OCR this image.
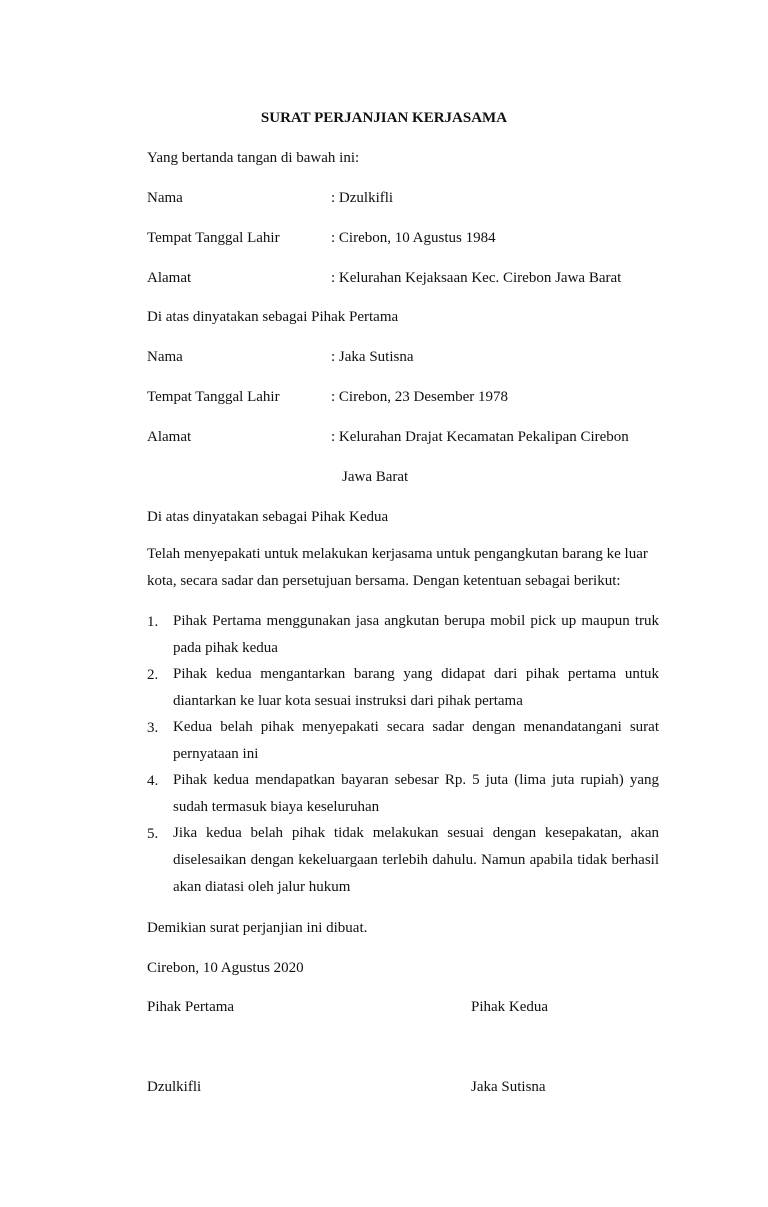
SURAT PERJANJIAN KERJASAMA
Yang bertanda tangan di bawah ini:
Nama	: Dzulkifli
Tempat Tanggal Lahir	: Cirebon, 10 Agustus 1984
Alamat	: Kelurahan Kejaksaan Kec. Cirebon Jawa Barat
Di atas dinyatakan sebagai Pihak Pertama
Nama	: Jaka Sutisna
Tempat Tanggal Lahir	: Cirebon, 23 Desember 1978
Alamat	: Kelurahan Drajat Kecamatan Pekalipan Cirebon
Jawa Barat
Di atas dinyatakan sebagai Pihak Kedua
Telah menyepakati untuk melakukan kerjasama untuk pengangkutan barang ke luar kota, secara sadar dan persetujuan bersama. Dengan ketentuan sebagai berikut:
1. Pihak Pertama menggunakan jasa angkutan berupa mobil pick up maupun truk pada pihak kedua
2. Pihak kedua mengantarkan barang yang didapat dari pihak pertama untuk diantarkan ke luar kota sesuai instruksi dari pihak pertama
3. Kedua belah pihak menyepakati secara sadar dengan menandatangani surat pernyataan ini
4. Pihak kedua mendapatkan bayaran sebesar Rp. 5 juta (lima juta rupiah) yang sudah termasuk biaya keseluruhan
5. Jika kedua belah pihak tidak melakukan sesuai dengan kesepakatan, akan diselesaikan dengan kekeluargaan terlebih dahulu. Namun apabila tidak berhasil akan diatasi oleh jalur hukum
Demikian surat perjanjian ini dibuat.
Cirebon, 10 Agustus 2020
Pihak Pertama	Pihak Kedua
Dzulkifli	Jaka Sutisna
